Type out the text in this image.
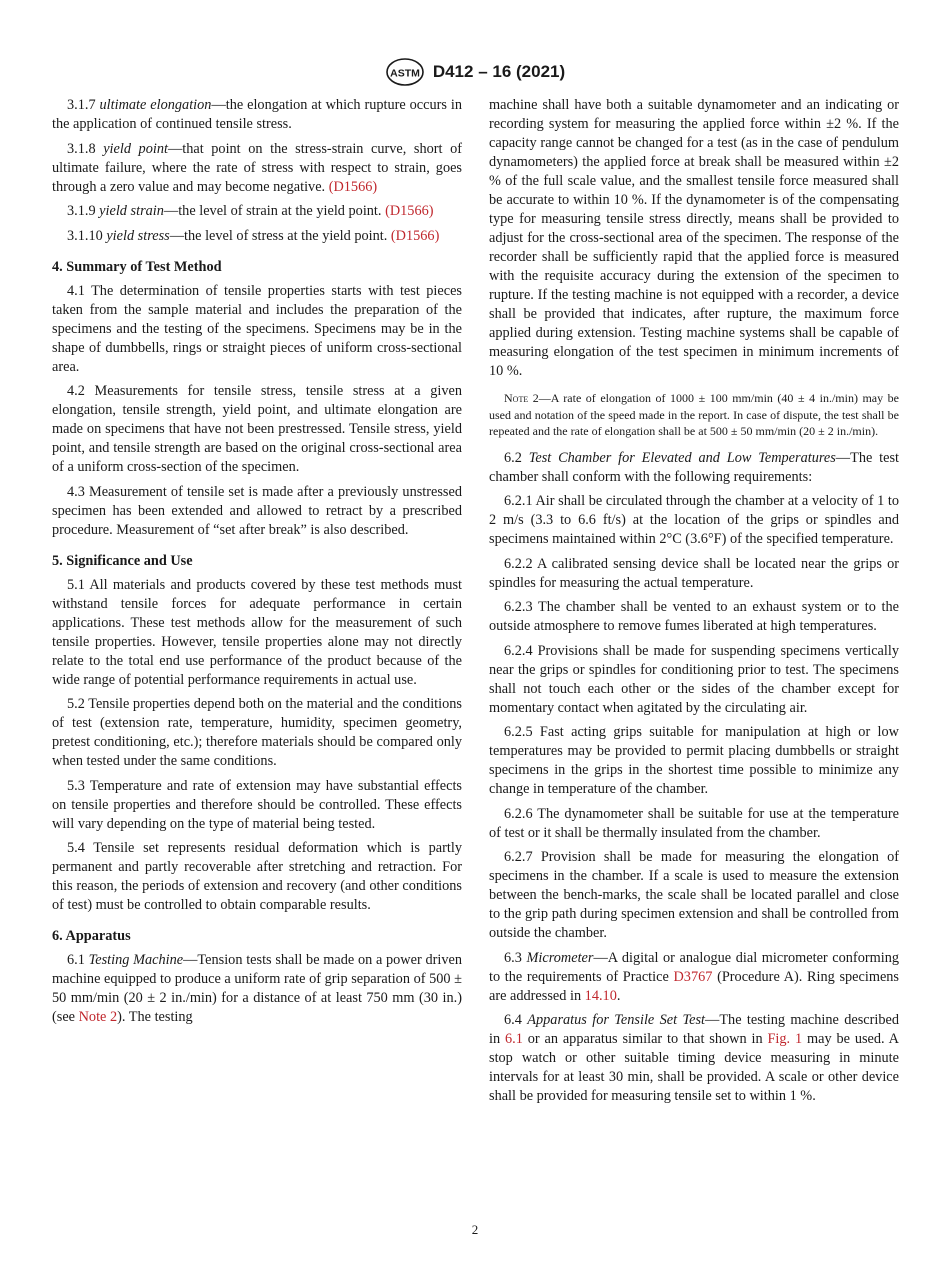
ASTM D412 – 16 (2021)

3.1.7 ultimate elongation—the elongation at which rupture occurs in the application of continued tensile stress.

3.1.8 yield point—that point on the stress-strain curve, short of ultimate failure, where the rate of stress with respect to strain, goes through a zero value and may become negative. (D1566)

3.1.9 yield strain—the level of strain at the yield point. (D1566)

3.1.10 yield stress—the level of stress at the yield point. (D1566)

4. Summary of Test Method

4.1 The determination of tensile properties starts with test pieces taken from the sample material and includes the preparation of the specimens and the testing of the specimens. Specimens may be in the shape of dumbbells, rings or straight pieces of uniform cross-sectional area.

4.2 Measurements for tensile stress, tensile stress at a given elongation, tensile strength, yield point, and ultimate elongation are made on specimens that have not been prestressed. Tensile stress, yield point, and tensile strength are based on the original cross-sectional area of a uniform cross-section of the specimen.

4.3 Measurement of tensile set is made after a previously unstressed specimen has been extended and allowed to retract by a prescribed procedure. Measurement of “set after break” is also described.

5. Significance and Use

5.1 All materials and products covered by these test methods must withstand tensile forces for adequate performance in certain applications. These test methods allow for the measurement of such tensile properties. However, tensile properties alone may not directly relate to the total end use performance of the product because of the wide range of potential performance requirements in actual use.

5.2 Tensile properties depend both on the material and the conditions of test (extension rate, temperature, humidity, specimen geometry, pretest conditioning, etc.); therefore materials should be compared only when tested under the same conditions.

5.3 Temperature and rate of extension may have substantial effects on tensile properties and therefore should be controlled. These effects will vary depending on the type of material being tested.

5.4 Tensile set represents residual deformation which is partly permanent and partly recoverable after stretching and retraction. For this reason, the periods of extension and recovery (and other conditions of test) must be controlled to obtain comparable results.

6. Apparatus

6.1 Testing Machine—Tension tests shall be made on a power driven machine equipped to produce a uniform rate of grip separation of 500 ± 50 mm/min (20 ± 2 in./min) for a distance of at least 750 mm (30 in.) (see Note 2). The testing

machine shall have both a suitable dynamometer and an indicating or recording system for measuring the applied force within ±2 %. If the capacity range cannot be changed for a test (as in the case of pendulum dynamometers) the applied force at break shall be measured within ±2 % of the full scale value, and the smallest tensile force measured shall be accurate to within 10 %. If the dynamometer is of the compensating type for measuring tensile stress directly, means shall be provided to adjust for the cross-sectional area of the specimen. The response of the recorder shall be sufficiently rapid that the applied force is measured with the requisite accuracy during the extension of the specimen to rupture. If the testing machine is not equipped with a recorder, a device shall be provided that indicates, after rupture, the maximum force applied during extension. Testing machine systems shall be capable of measuring elongation of the test specimen in minimum increments of 10 %.

Note 2—A rate of elongation of 1000 ± 100 mm/min (40 ± 4 in./min) may be used and notation of the speed made in the report. In case of dispute, the test shall be repeated and the rate of elongation shall be at 500 ± 50 mm/min (20 ± 2 in./min).

6.2 Test Chamber for Elevated and Low Temperatures—The test chamber shall conform with the following requirements:

6.2.1 Air shall be circulated through the chamber at a velocity of 1 to 2 m/s (3.3 to 6.6 ft/s) at the location of the grips or spindles and specimens maintained within 2°C (3.6°F) of the specified temperature.

6.2.2 A calibrated sensing device shall be located near the grips or spindles for measuring the actual temperature.

6.2.3 The chamber shall be vented to an exhaust system or to the outside atmosphere to remove fumes liberated at high temperatures.

6.2.4 Provisions shall be made for suspending specimens vertically near the grips or spindles for conditioning prior to test. The specimens shall not touch each other or the sides of the chamber except for momentary contact when agitated by the circulating air.

6.2.5 Fast acting grips suitable for manipulation at high or low temperatures may be provided to permit placing dumbbells or straight specimens in the grips in the shortest time possible to minimize any change in temperature of the chamber.

6.2.6 The dynamometer shall be suitable for use at the temperature of test or it shall be thermally insulated from the chamber.

6.2.7 Provision shall be made for measuring the elongation of specimens in the chamber. If a scale is used to measure the extension between the bench-marks, the scale shall be located parallel and close to the grip path during specimen extension and shall be controlled from outside the chamber.

6.3 Micrometer—A digital or analogue dial micrometer conforming to the requirements of Practice D3767 (Procedure A). Ring specimens are addressed in 14.10.

6.4 Apparatus for Tensile Set Test—The testing machine described in 6.1 or an apparatus similar to that shown in Fig. 1 may be used. A stop watch or other suitable timing device measuring in minute intervals for at least 30 min, shall be provided. A scale or other device shall be provided for measuring tensile set to within 1 %.

2
